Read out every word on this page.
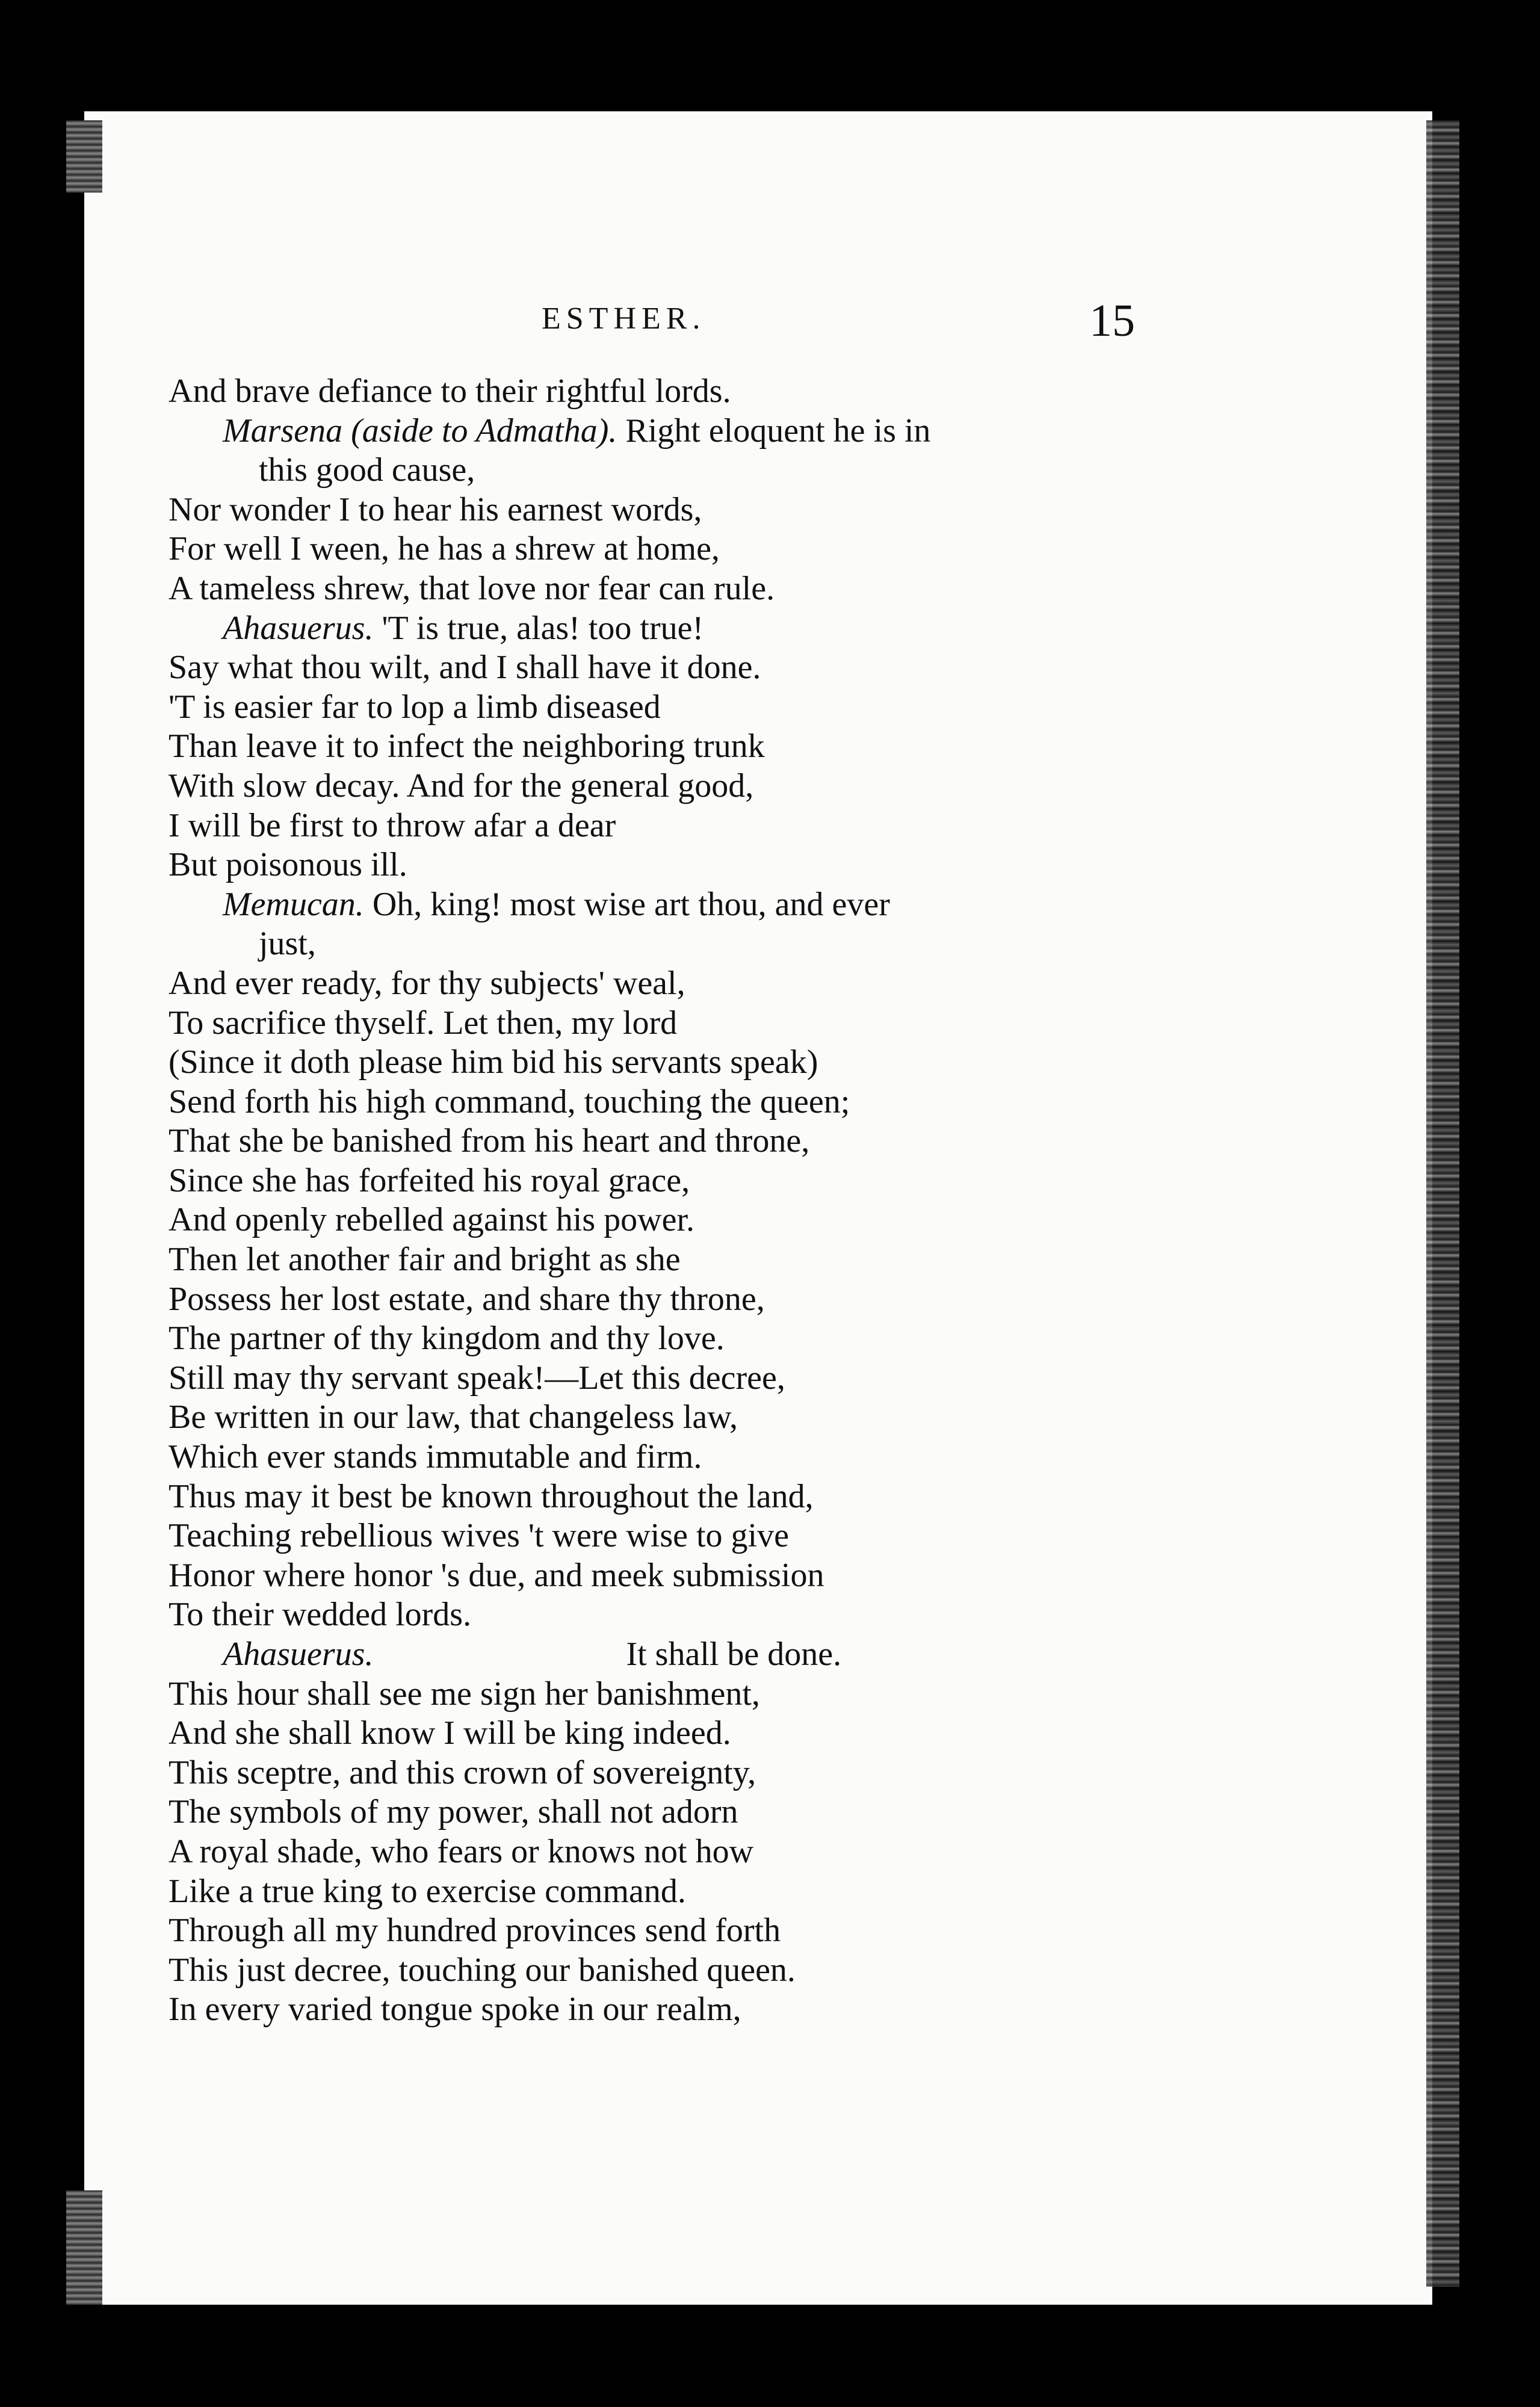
ESTHER.	15
And brave defiance to their rightful lords.
Marsena (aside to Admatha). Right eloquent he is in
this good cause,
Nor wonder I to hear his earnest words,
For well I ween, he has a shrew at home,
A tameless shrew, that love nor fear can rule.
Ahasuerus. 'T is true, alas! too true!
Say what thou wilt, and I shall have it done.
'T is easier far to lop a limb diseased
Than leave it to infect the neighboring trunk
With slow decay. And for the general good,
I will be first to throw afar a dear
But poisonous ill.
Memucan. Oh, king! most wise art thou, and ever
just,
And ever ready, for thy subjects' weal,
To sacrifice thyself. Let then, my lord
(Since it doth please him bid his servants speak)
Send forth his high command, touching the queen;
That she be banished from his heart and throne,
Since she has forfeited his royal grace,
And openly rebelled against his power.
Then let another fair and bright as she
Possess her lost estate, and share thy throne,
The partner of thy kingdom and thy love.
Still may thy servant speak!—Let this decree,
Be written in our law, that changeless law,
Which ever stands immutable and firm.
Thus may it best be known throughout the land,
Teaching rebellious wives 't were wise to give
Honor where honor 's due, and meek submission
To their wedded lords.
Ahasuerus.	It shall be done.
This hour shall see me sign her banishment,
And she shall know I will be king indeed.
This sceptre, and this crown of sovereignty,
The symbols of my power, shall not adorn
A royal shade, who fears or knows not how
Like a true king to exercise command.
Through all my hundred provinces send forth
This just decree, touching our banished queen.
In every varied tongue spoke in our realm,
